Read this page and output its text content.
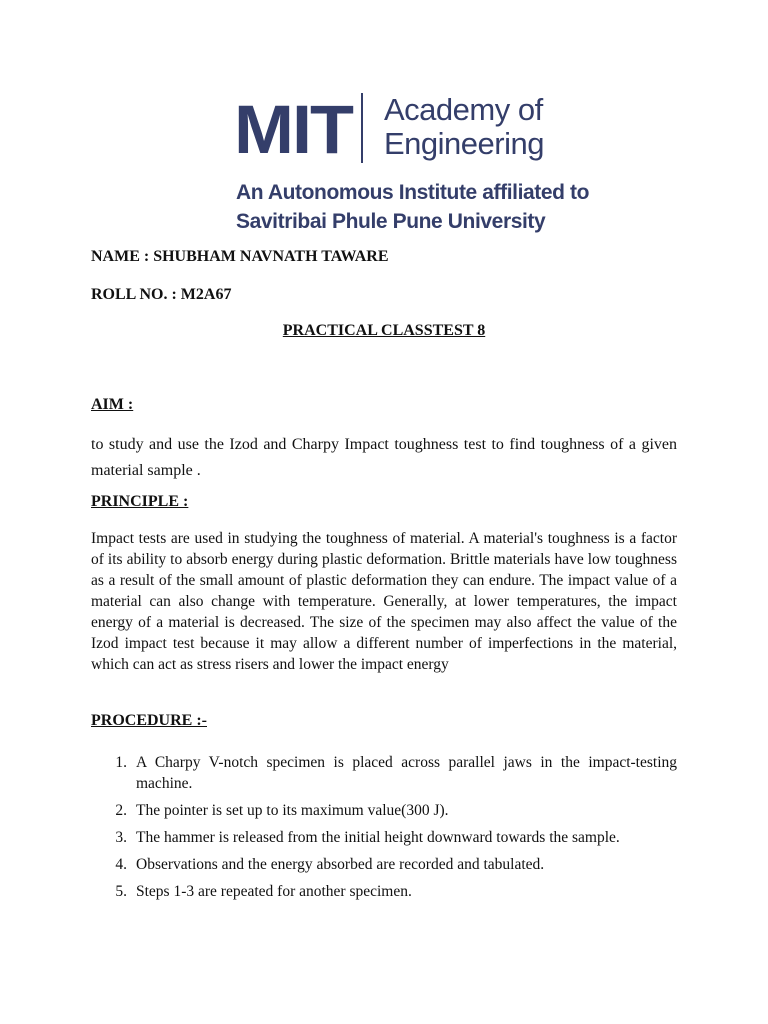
MIT Academy of
Engineering
An Autonomous Institute affiliated to
Savitribai Phule Pune University
NAME : SHUBHAM NAVNATH TAWARE
ROLL NO. : M2A67
PRACTICAL CLASSTEST 8
AIM :
to study and use the Izod and Charpy Impact toughness test to find toughness of a given material sample .
PRINCIPLE :
Impact tests are used in studying the toughness of material. A material's toughness is a factor of its ability to absorb energy during plastic deformation. Brittle materials have low toughness as a result of the small amount of plastic deformation they can endure. The impact value of a material can also change with temperature. Generally, at lower temperatures, the impact energy of a material is decreased. The size of the specimen may also affect the value of the Izod impact test because it may allow a different number of imperfections in the material, which can act as stress risers and lower the impact energy
PROCEDURE :-
1. A Charpy V-notch specimen is placed across parallel jaws in the impact-testing machine.
2. The pointer is set up to its maximum value(300 J).
3. The hammer is released from the initial height downward towards the sample.
4. Observations and the energy absorbed are recorded and tabulated.
5. Steps 1-3 are repeated for another specimen.
